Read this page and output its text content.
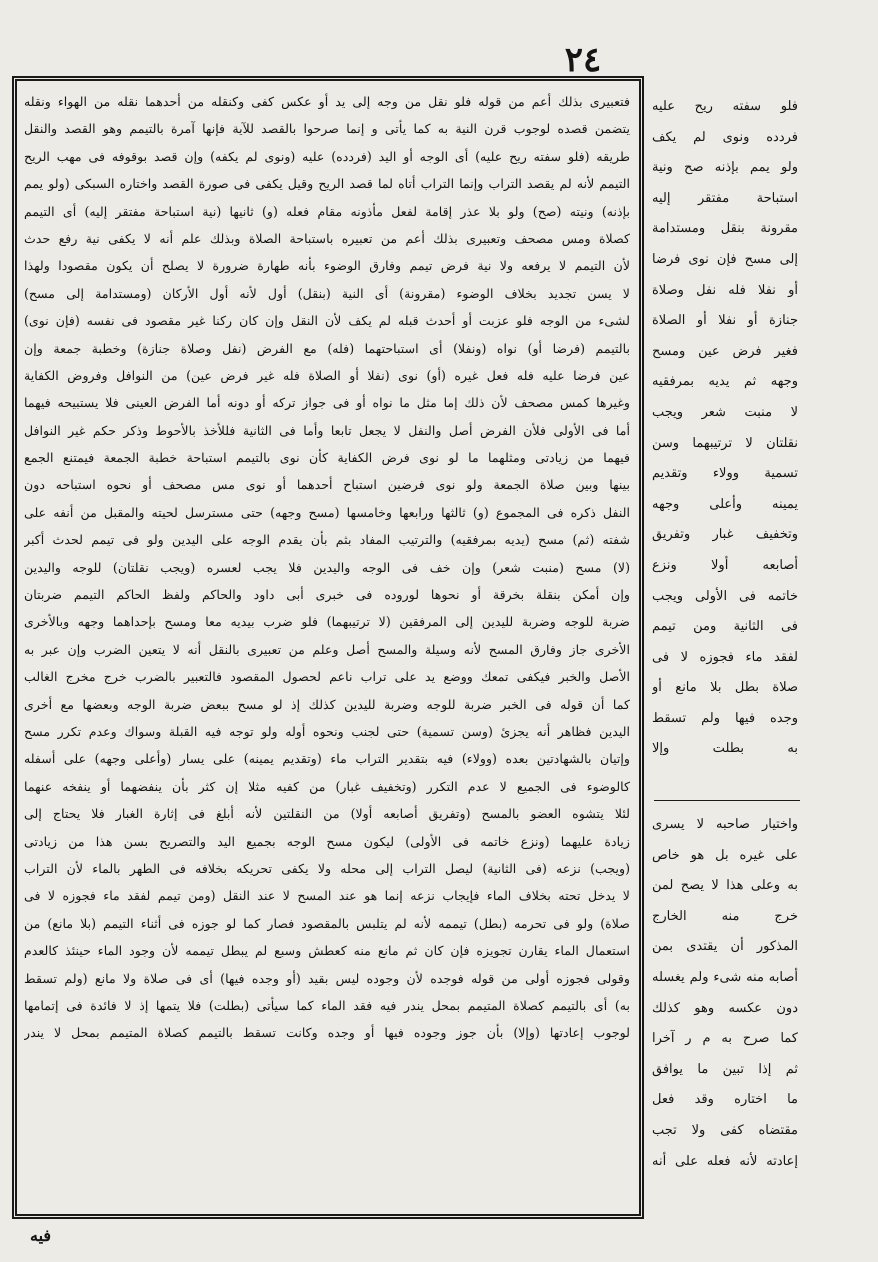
٢٤
فتعبيرى بذلك أعم من قوله فلو نقل من وجه إلى يد أو عكس كفى وكنقله من أحدهما نقله من الهواء ونقله
يتضمن قصده لوجوب قرن النية به كما يأتى و إنما صرحوا بالقصد للآية فإنها آمرة بالتيمم وهو القصد والنقل
طريقه (فلو سفته ريح عليه) أى الوجه أو اليد (فردده) عليه (ونوى لم يكفه) وإن قصد بوقوفه فى مهب الريح
التيمم لأنه لم يقصد التراب وإنما التراب أتاه لما قصد الريح وقيل يكفى فى صورة القصد واختاره السبكى (ولو يمم
بإذنه) ونيته (صح) ولو بلا عذر إقامة لفعل مأذونه مقام فعله (و) ثانيها (نية استباحة مفتقر إليه) أى التيمم
كصلاة ومس مصحف وتعبيرى بذلك أعم من تعبيره باستباحة الصلاة وبذلك علم أنه لا يكفى نية رفع حدث
لأن التيمم لا يرفعه ولا نية فرض تيمم وفارق الوضوء بأنه طهارة ضرورة لا يصلح أن يكون مقصودا ولهذا
لا يسن تجديد بخلاف الوضوء (مقرونة) أى النية (بنقل) أول لأنه أول الأركان (ومستدامة إلى مسح)
لشىء من الوجه فلو عزبت أو أحدث قبله لم يكف لأن النقل وإن كان ركنا غير مقصود فى نفسه (فإن نوى)
بالتيمم (فرضا أو) نواه (ونفلا) أى استباحتهما (فله) مع الفرض (نفل وصلاة جنازة) وخطبة جمعة وإن
عين فرضا عليه فله فعل غيره (أو) نوى (نفلا أو الصلاة فله غير فرض عين) من النوافل وفروض الكفاية
وغيرها كمس مصحف لأن ذلك إما مثل ما نواه أو فى جواز تركه أو دونه أما الفرض العينى فلا يستبيحه فيهما
أما فى الأولى فلأن الفرض أصل والنفل لا يجعل تابعا وأما فى الثانية فللأخذ بالأحوط وذكر حكم غير النوافل
فيهما من زيادتى ومثلهما ما لو نوى فرض الكفاية كأن نوى بالتيمم استباحة خطبة الجمعة فيمتنع الجمع
بينها وبين صلاة الجمعة ولو نوى فرضين استباح أحدهما أو نوى مس مصحف أو نحوه استباحه دون
النفل ذكره فى المجموع (و) ثالثها ورابعها وخامسها (مسح وجهه) حتى مسترسل لحيته والمقبل من أنفه على
شفته (ثم) مسح (يديه بمرفقيه) والترتيب المفاد بثم بأن يقدم الوجه على اليدين ولو فى تيمم لحدث أكبر
(لا) مسح (منبت شعر) وإن خف فى الوجه واليدين فلا يجب لعسره (ويجب نقلتان) للوجه واليدين
وإن أمكن بنقلة بخرقة أو نحوها لوروده فى خبرى أبى داود والحاكم ولفظ الحاكم التيمم ضربتان
ضربة للوجه وضربة لليدين إلى المرفقين (لا ترتيبهما) فلو ضرب بيديه معا ومسح بإحداهما وجهه وبالأخرى
الأخرى جاز وفارق المسح لأنه وسيلة والمسح أصل وعلم من تعبيرى بالنقل أنه لا يتعين الضرب وإن عبر به
الأصل والخبر فيكفى تمعك ووضع يد على تراب ناعم لحصول المقصود فالتعبير بالضرب خرج مخرج الغالب
كما أن قوله فى الخبر ضربة للوجه وضربة لليدين كذلك إذ لو مسح ببعض ضربة الوجه وبعضها مع أخرى
اليدين فظاهر أنه يجزئ (وسن تسمية) حتى لجنب ونحوه أوله ولو توجه فيه القبلة وسواك وعدم تكرر مسح
وإتيان بالشهادتين بعده (وولاء) فيه بتقدير التراب ماء (وتقديم يمينه) على يسار (وأعلى وجهه) على أسفله
كالوضوء فى الجميع لا عدم التكرر (وتخفيف غبار) من كفيه مثلا إن كثر بأن ينفضهما أو ينفخه عنهما
لئلا يتشوه العضو بالمسح (وتفريق أصابعه أولا) من النقلتين لأنه أبلغ فى إثارة الغبار فلا يحتاج إلى
زيادة عليهما (ونزع خاتمه فى الأولى) ليكون مسح الوجه بجميع اليد والتصريح بسن هذا من زيادتى
(ويجب) نزعه (فى الثانية) ليصل التراب إلى محله ولا يكفى تحريكه بخلافه فى الطهر بالماء لأن التراب
لا يدخل تحته بخلاف الماء فإيجاب نزعه إنما هو عند المسح لا عند النقل (ومن تيمم لفقد ماء فجوزه لا فى
صلاة) ولو فى تحرمه (بطل) تيممه لأنه لم يتلبس بالمقصود فصار كما لو جوزه فى أثناء التيمم (بلا مانع) من
استعمال الماء يقارن تجويزه فإن كان ثم مانع منه كعطش وسبع لم يبطل تيممه لأن وجود الماء حينئذ كالعدم
وقولى فجوزه أولى من قوله فوجده لأن وجوده ليس بقيد (أو وجده فيها) أى فى صلاة ولا مانع (ولم تسقط
به) أى بالتيمم كصلاة المتيمم بمحل يندر فيه فقد الماء كما سيأتى (بطلت) فلا يتمها إذ لا فائدة فى إتمامها
لوجوب إعادتها (وإلا) بأن جوز وجوده فيها أو وجده وكانت تسقط بالتيمم كصلاة المتيمم بمحل لا يندر
فلو سفته ريح عليه
فردده ونوى لم يكف
ولو يمم بإذنه صح ونية
استباحة مفتقر إليه
مقرونة بنقل ومستدامة
إلى مسح فإن نوى فرضا
أو نفلا فله نفل وصلاة
جنازة أو نفلا أو الصلاة
فغير فرض عين ومسح
وجهه ثم يديه بمرفقيه
لا منبت شعر ويجب
نقلتان لا ترتيبهما وسن
تسمية وولاء وتقديم
يمينه وأعلى وجهه
وتخفيف غبار وتفريق
أصابعه أولا ونزع
خاتمه فى الأولى ويجب
فى الثانية ومن تيمم
لفقد ماء فجوزه لا فى
صلاة بطل بلا مانع أو
وجده فيها ولم تسقط
به بطلت وإلا
واختيار صاحبه لا يسرى
على غيره بل هو خاص
به وعلى هذا لا يصح لمن
خرج منه الخارج
المذكور أن يقتدى بمن
أصابه منه شىء ولم يغسله
دون عكسه وهو كذلك
كما صرح به م ر آخرا
ثم إذا تبين ما يوافق
ما اختاره وقد فعل
مقتضاه كفى ولا تجب
إعادته لأنه فعله على أنه
فيه
